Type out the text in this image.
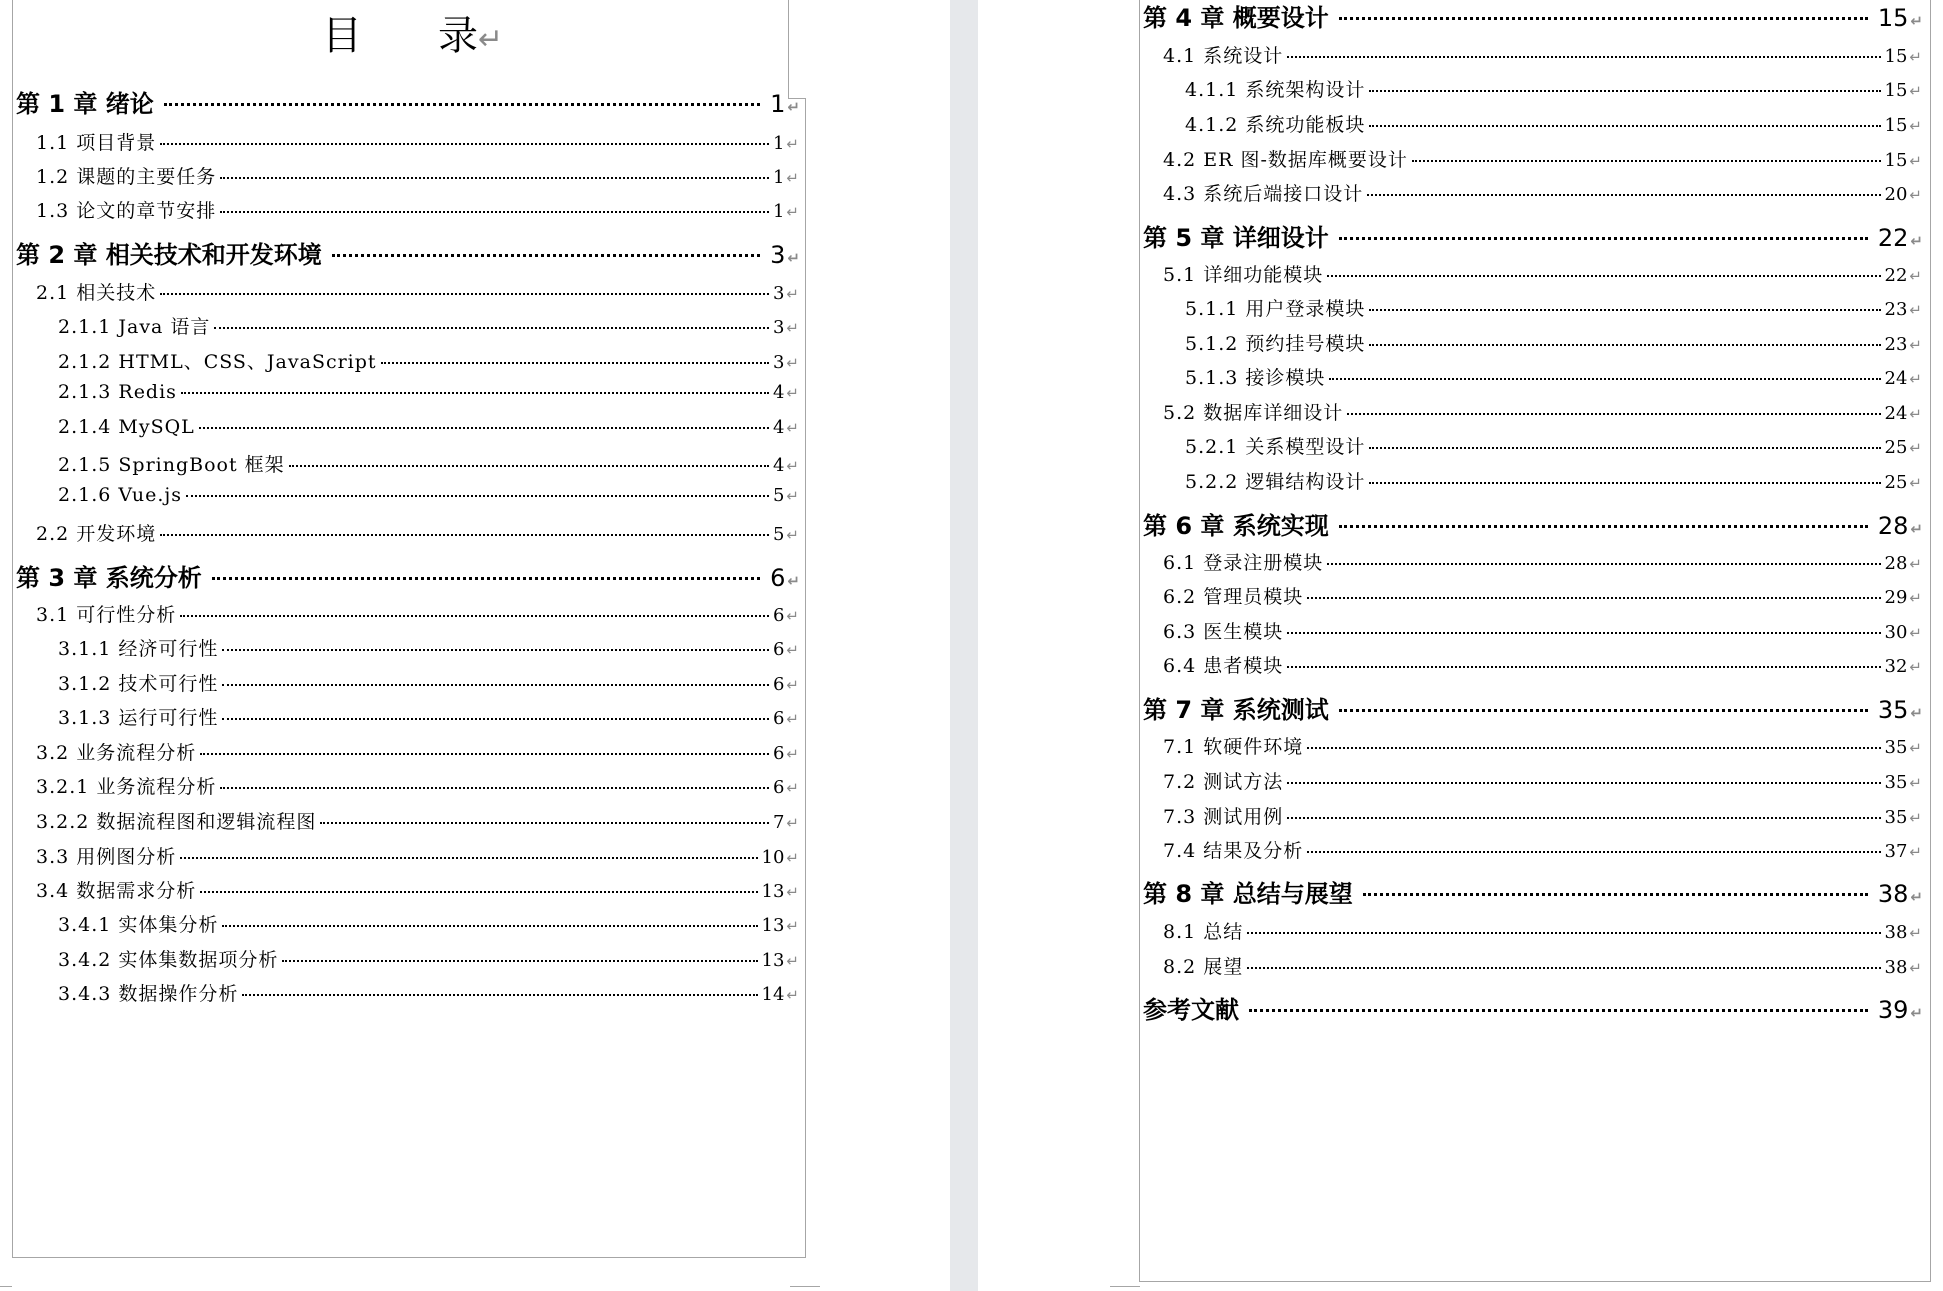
目 录↵
第 1 章 绪论	1 ↵
1.1 项目背景	1 ↵
1.2 课题的主要任务	1 ↵
1.3 论文的章节安排	1 ↵
第 2 章 相关技术和开发环境	3 ↵
2.1 相关技术	3 ↵
2.1.1 Java 语言	3 ↵
2.1.2 HTML、CSS、JavaScript	3 ↵
2.1.3 Redis	4 ↵
2.1.4 MySQL	4 ↵
2.1.5 SpringBoot 框架	4 ↵
2.1.6 Vue.js	5 ↵
2.2 开发环境	5 ↵
第 3 章 系统分析	6 ↵
3.1 可行性分析	6 ↵
3.1.1 经济可行性	6 ↵
3.1.2 技术可行性	6 ↵
3.1.3 运行可行性	6 ↵
3.2 业务流程分析	6 ↵
3.2.1 业务流程分析	6 ↵
3.2.2 数据流程图和逻辑流程图	7 ↵
3.3 用例图分析	10 ↵
3.4 数据需求分析	13 ↵
3.4.1 实体集分析	13 ↵
3.4.2 实体集数据项分析	13 ↵
3.4.3 数据操作分析	14 ↵
第 4 章 概要设计	15 ↵
4.1 系统设计	15 ↵
4.1.1 系统架构设计	15 ↵
4.1.2 系统功能板块	15 ↵
4.2 ER 图-数据库概要设计	15 ↵
4.3 系统后端接口设计	20 ↵
第 5 章 详细设计	22 ↵
5.1 详细功能模块	22 ↵
5.1.1 用户登录模块	23 ↵
5.1.2 预约挂号模块	23 ↵
5.1.3 接诊模块	24 ↵
5.2 数据库详细设计	24 ↵
5.2.1 关系模型设计	25 ↵
5.2.2 逻辑结构设计	25 ↵
第 6 章 系统实现	28 ↵
6.1 登录注册模块	28 ↵
6.2 管理员模块	29 ↵
6.3 医生模块	30 ↵
6.4 患者模块	32 ↵
第 7 章 系统测试	35 ↵
7.1 软硬件环境	35 ↵
7.2 测试方法	35 ↵
7.3 测试用例	35 ↵
7.4 结果及分析	37 ↵
第 8 章 总结与展望	38 ↵
8.1 总结	38 ↵
8.2 展望	38 ↵
参考文献	39 ↵
